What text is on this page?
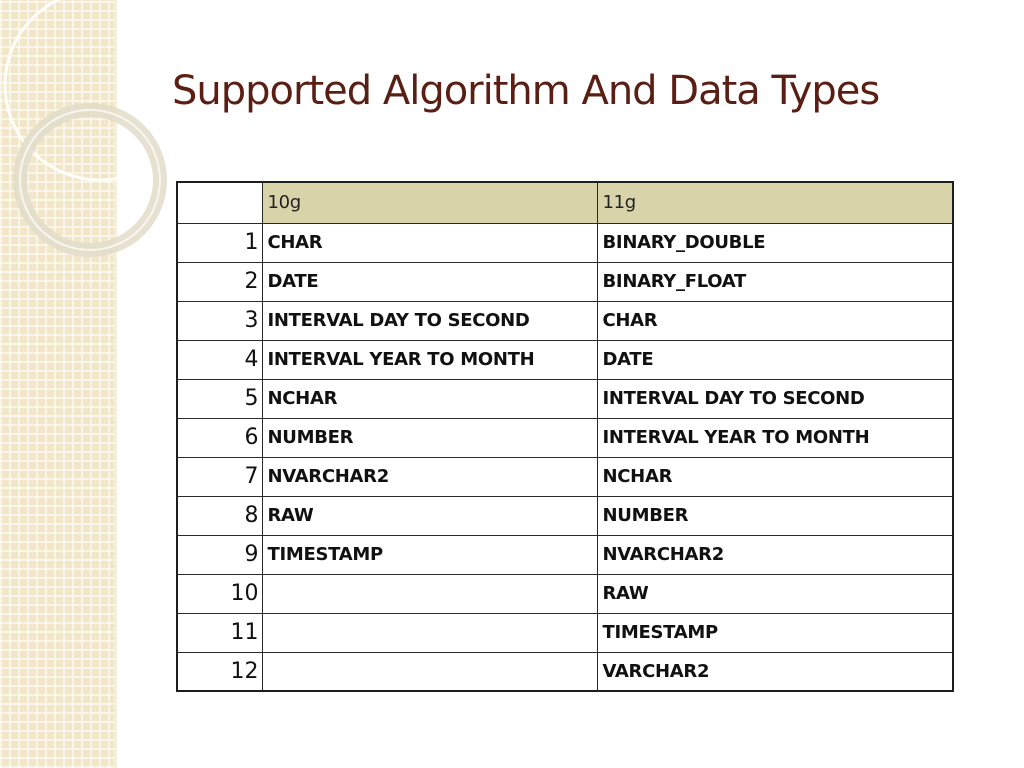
Supported Algorithm And Data Types
	10g	11g
1	CHAR	BINARY_DOUBLE
2	DATE	BINARY_FLOAT
3	INTERVAL DAY TO SECOND	CHAR
4	INTERVAL YEAR TO MONTH	DATE
5	NCHAR	INTERVAL DAY TO SECOND
6	NUMBER	INTERVAL YEAR TO MONTH
7	NVARCHAR2	NCHAR
8	RAW	NUMBER
9	TIMESTAMP	NVARCHAR2
10		RAW
11		TIMESTAMP
12		VARCHAR2
